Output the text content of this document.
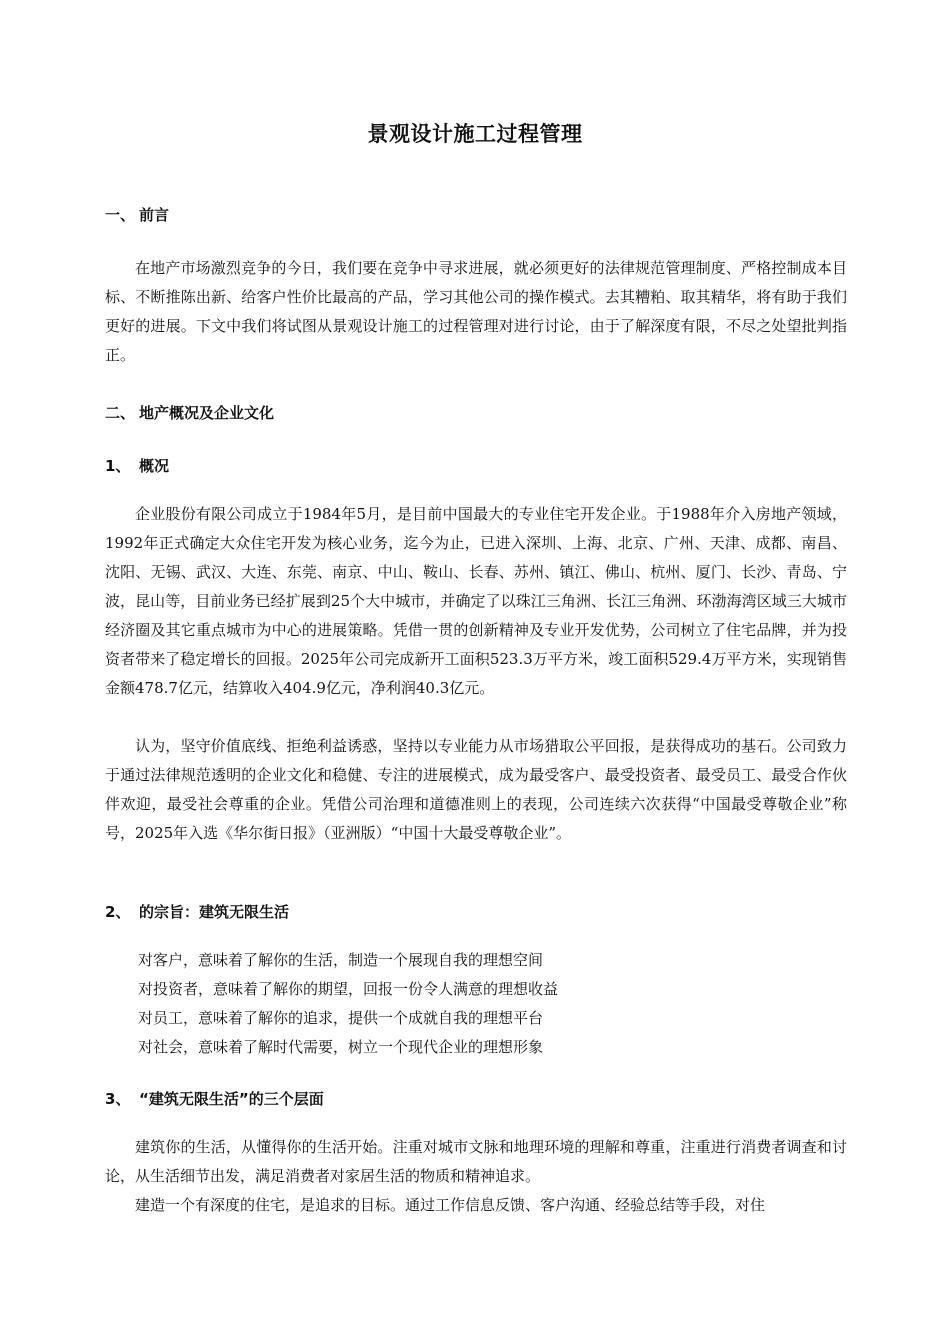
景观设计施工过程管理
一、 前言
在地产市场激烈竞争的今日，我们要在竞争中寻求进展，就必须更好的法律规范管理制度、严格控制成本目标、不断推陈出新、给客户性价比最高的产品，学习其他公司的操作模式。去其糟粕、取其精华，将有助于我们更好的进展。下文中我们将试图从景观设计施工的过程管理对进行讨论，由于了解深度有限，不尽之处望批判指正。
二、 地产概况及企业文化
1、 概况
企业股份有限公司成立于1984年5月，是目前中国最大的专业住宅开发企业。于1988年介入房地产领域，1992年正式确定大众住宅开发为核心业务，迄今为止，已进入深圳、上海、北京、广州、天津、成都、南昌、沈阳、无锡、武汉、大连、东莞、南京、中山、鞍山、长春、苏州、镇江、佛山、杭州、厦门、长沙、青岛、宁波，昆山等，目前业务已经扩展到25个大中城市，并确定了以珠江三角洲、长江三角洲、环渤海湾区域三大城市经济圈及其它重点城市为中心的进展策略。凭借一贯的创新精神及专业开发优势，公司树立了住宅品牌，并为投资者带来了稳定增长的回报。2025年公司完成新开工面积523.3万平方米，竣工面积529.4万平方米，实现销售金额478.7亿元，结算收入404.9亿元，净利润40.3亿元。
认为，坚守价值底线、拒绝利益诱惑，坚持以专业能力从市场猎取公平回报，是获得成功的基石。公司致力于通过法律规范透明的企业文化和稳健、专注的进展模式，成为最受客户、最受投资者、最受员工、最受合作伙伴欢迎，最受社会尊重的企业。凭借公司治理和道德准则上的表现，公司连续六次获得“中国最受尊敬企业”称号，2025年入选《华尔街日报》（亚洲版）“中国十大最受尊敬企业”。
2、 的宗旨：建筑无限生活
对客户，意味着了解你的生活，制造一个展现自我的理想空间
对投资者，意味着了解你的期望，回报一份令人满意的理想收益
对员工，意味着了解你的追求，提供一个成就自我的理想平台
对社会，意味着了解时代需要，树立一个现代企业的理想形象
3、 “建筑无限生活”的三个层面
建筑你的生活，从懂得你的生活开始。注重对城市文脉和地理环境的理解和尊重，注重进行消费者调查和讨论，从生活细节出发，满足消费者对家居生活的物质和精神追求。
建造一个有深度的住宅，是追求的目标。通过工作信息反馈、客户沟通、经验总结等手段，对住
